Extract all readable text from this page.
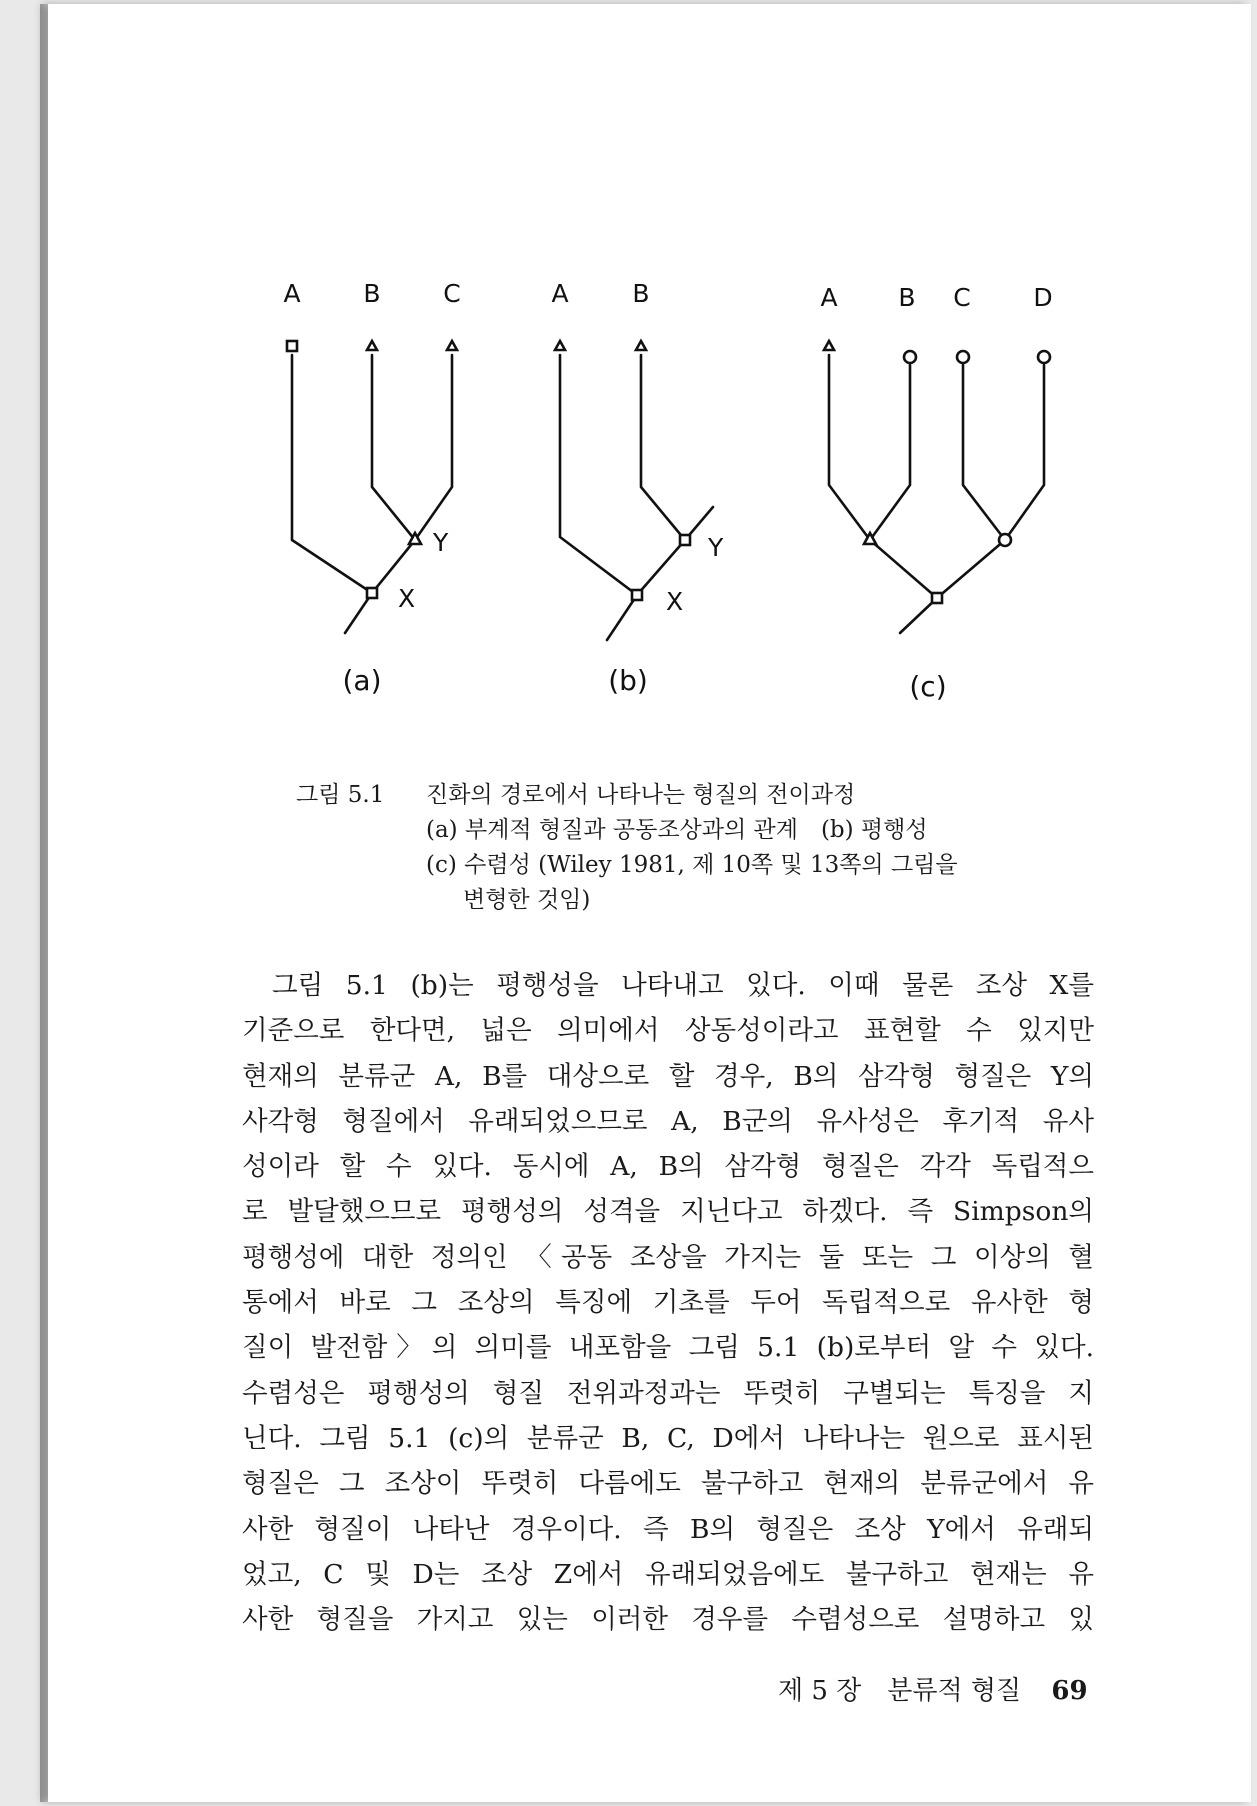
A	B	C
Y
X
(a)
A	B
Y
X
(b)
A B C	D
(c)
그림 5.1	진화의 경로에서 나타나는 형질의 전이과정
(a) 부계적 형질과 공동조상과의 관계　(b) 평행성
(c) 수렴성 (Wiley 1981, 제 10쪽 및 13쪽의 그림을
변형한 것임)
그림 5.1 (b)는 평행성을 나타내고 있다. 이때 물론 조상 X를
기준으로 한다면, 넓은 의미에서 상동성이라고 표현할 수 있지만
현재의 분류군 A, B를 대상으로 할 경우, B의 삼각형 형질은 Y의
사각형 형질에서 유래되었으므로 A, B군의 유사성은 후기적 유사
성이라 할 수 있다. 동시에 A, B의 삼각형 형질은 각각 독립적으
로 발달했으므로 평행성의 성격을 지닌다고 하겠다. 즉 Simpson의
평행성에 대한 정의인 〈공동 조상을 가지는 둘 또는 그 이상의 혈
통에서 바로 그 조상의 특징에 기초를 두어 독립적으로 유사한 형
질이 발전함〉의 의미를 내포함을 그림 5.1 (b)로부터 알 수 있다.
수렴성은 평행성의 형질 전위과정과는 뚜렷히 구별되는 특징을 지
닌다. 그림 5.1 (c)의 분류군 B, C, D에서 나타나는 원으로 표시된
형질은 그 조상이 뚜렷히 다름에도 불구하고 현재의 분류군에서 유
사한 형질이 나타난 경우이다. 즉 B의 형질은 조상 Y에서 유래되
었고, C 및 D는 조상 Z에서 유래되었음에도 불구하고 현재는 유
사한 형질을 가지고 있는 이러한 경우를 수렴성으로 설명하고 있
제 5 장　분류적 형질 69
